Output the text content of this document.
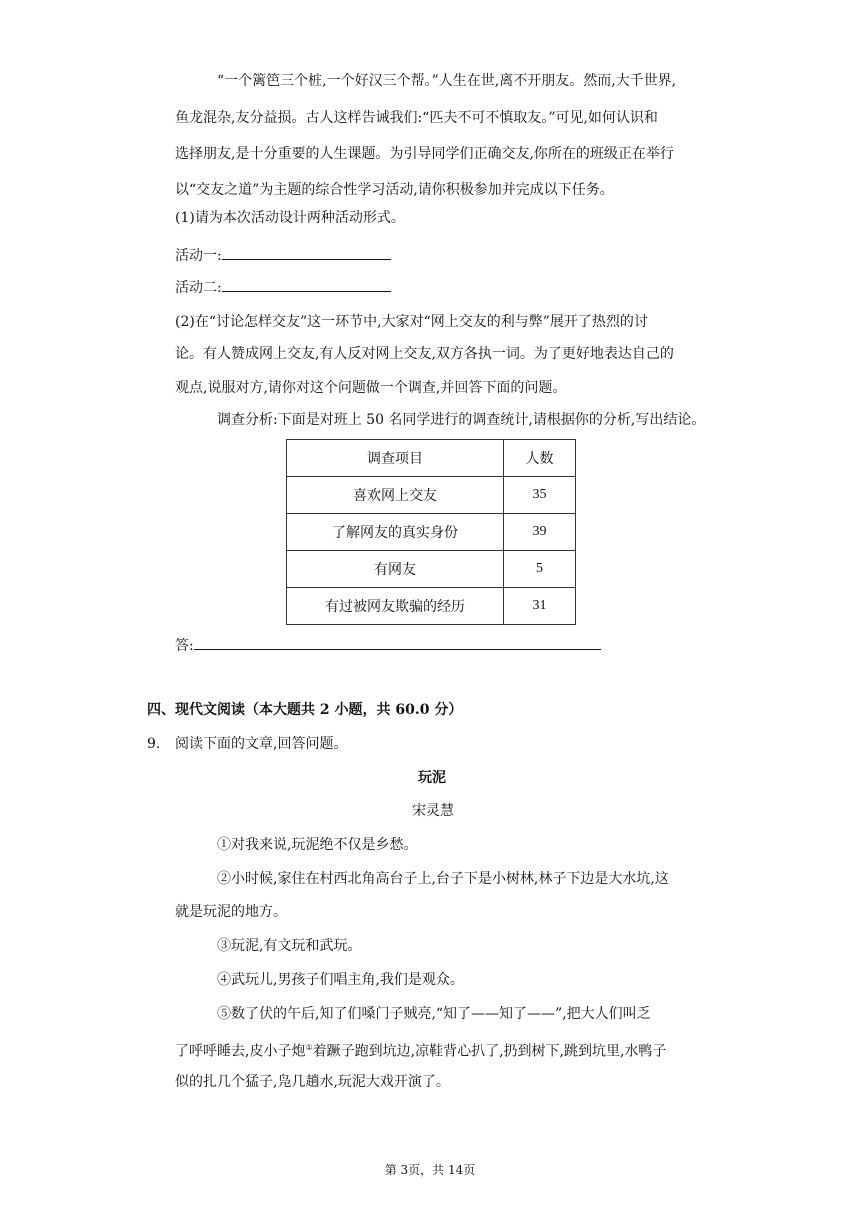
“一个篱笆三个桩,一个好汉三个帮。”人生在世,离不开朋友。然而,大千世界,
鱼龙混杂,友分益损。古人这样告诫我们:“匹夫不可不慎取友。”可见,如何认识和
选择朋友,是十分重要的人生课题。为引导同学们正确交友,你所在的班级正在举行
以“交友之道”为主题的综合性学习活动,请你积极参加并完成以下任务。
(1)请为本次活动设计两种活动形式。
活动一:
活动二:
(2)在“讨论怎样交友”这一环节中,大家对“网上交友的利与弊”展开了热烈的讨
论。有人赞成网上交友,有人反对网上交友,双方各执一词。为了更好地表达自己的
观点,说服对方,请你对这个问题做一个调查,并回答下面的问题。
调查分析:下面是对班上 50 名同学进行的调查统计,请根据你的分析,写出结论。
调查项目	人数
喜欢网上交友	35
了解网友的真实身份	39
有网友	5
有过被网友欺骗的经历	31
答:
四、现代文阅读（本大题共 2 小题，共 60.0 分）
9. 阅读下面的文章,回答问题。
玩泥
宋灵慧
①对我来说,玩泥绝不仅是乡愁。
②小时候,家住在村西北角高台子上,台子下是小树林,林子下边是大水坑,这
就是玩泥的地方。
③玩泥,有文玩和武玩。
④武玩儿,男孩子们唱主角,我们是观众。
⑤数了伏的午后,知了们嗓门子贼亮,“知了——知了——”,把大人们叫乏
了呼呼睡去,皮小子炮①着蹶子跑到坑边,凉鞋背心扒了,扔到树下,跳到坑里,水鸭子
似的扎几个猛子,凫几趟水,玩泥大戏开演了。
第 3页，共 14页
